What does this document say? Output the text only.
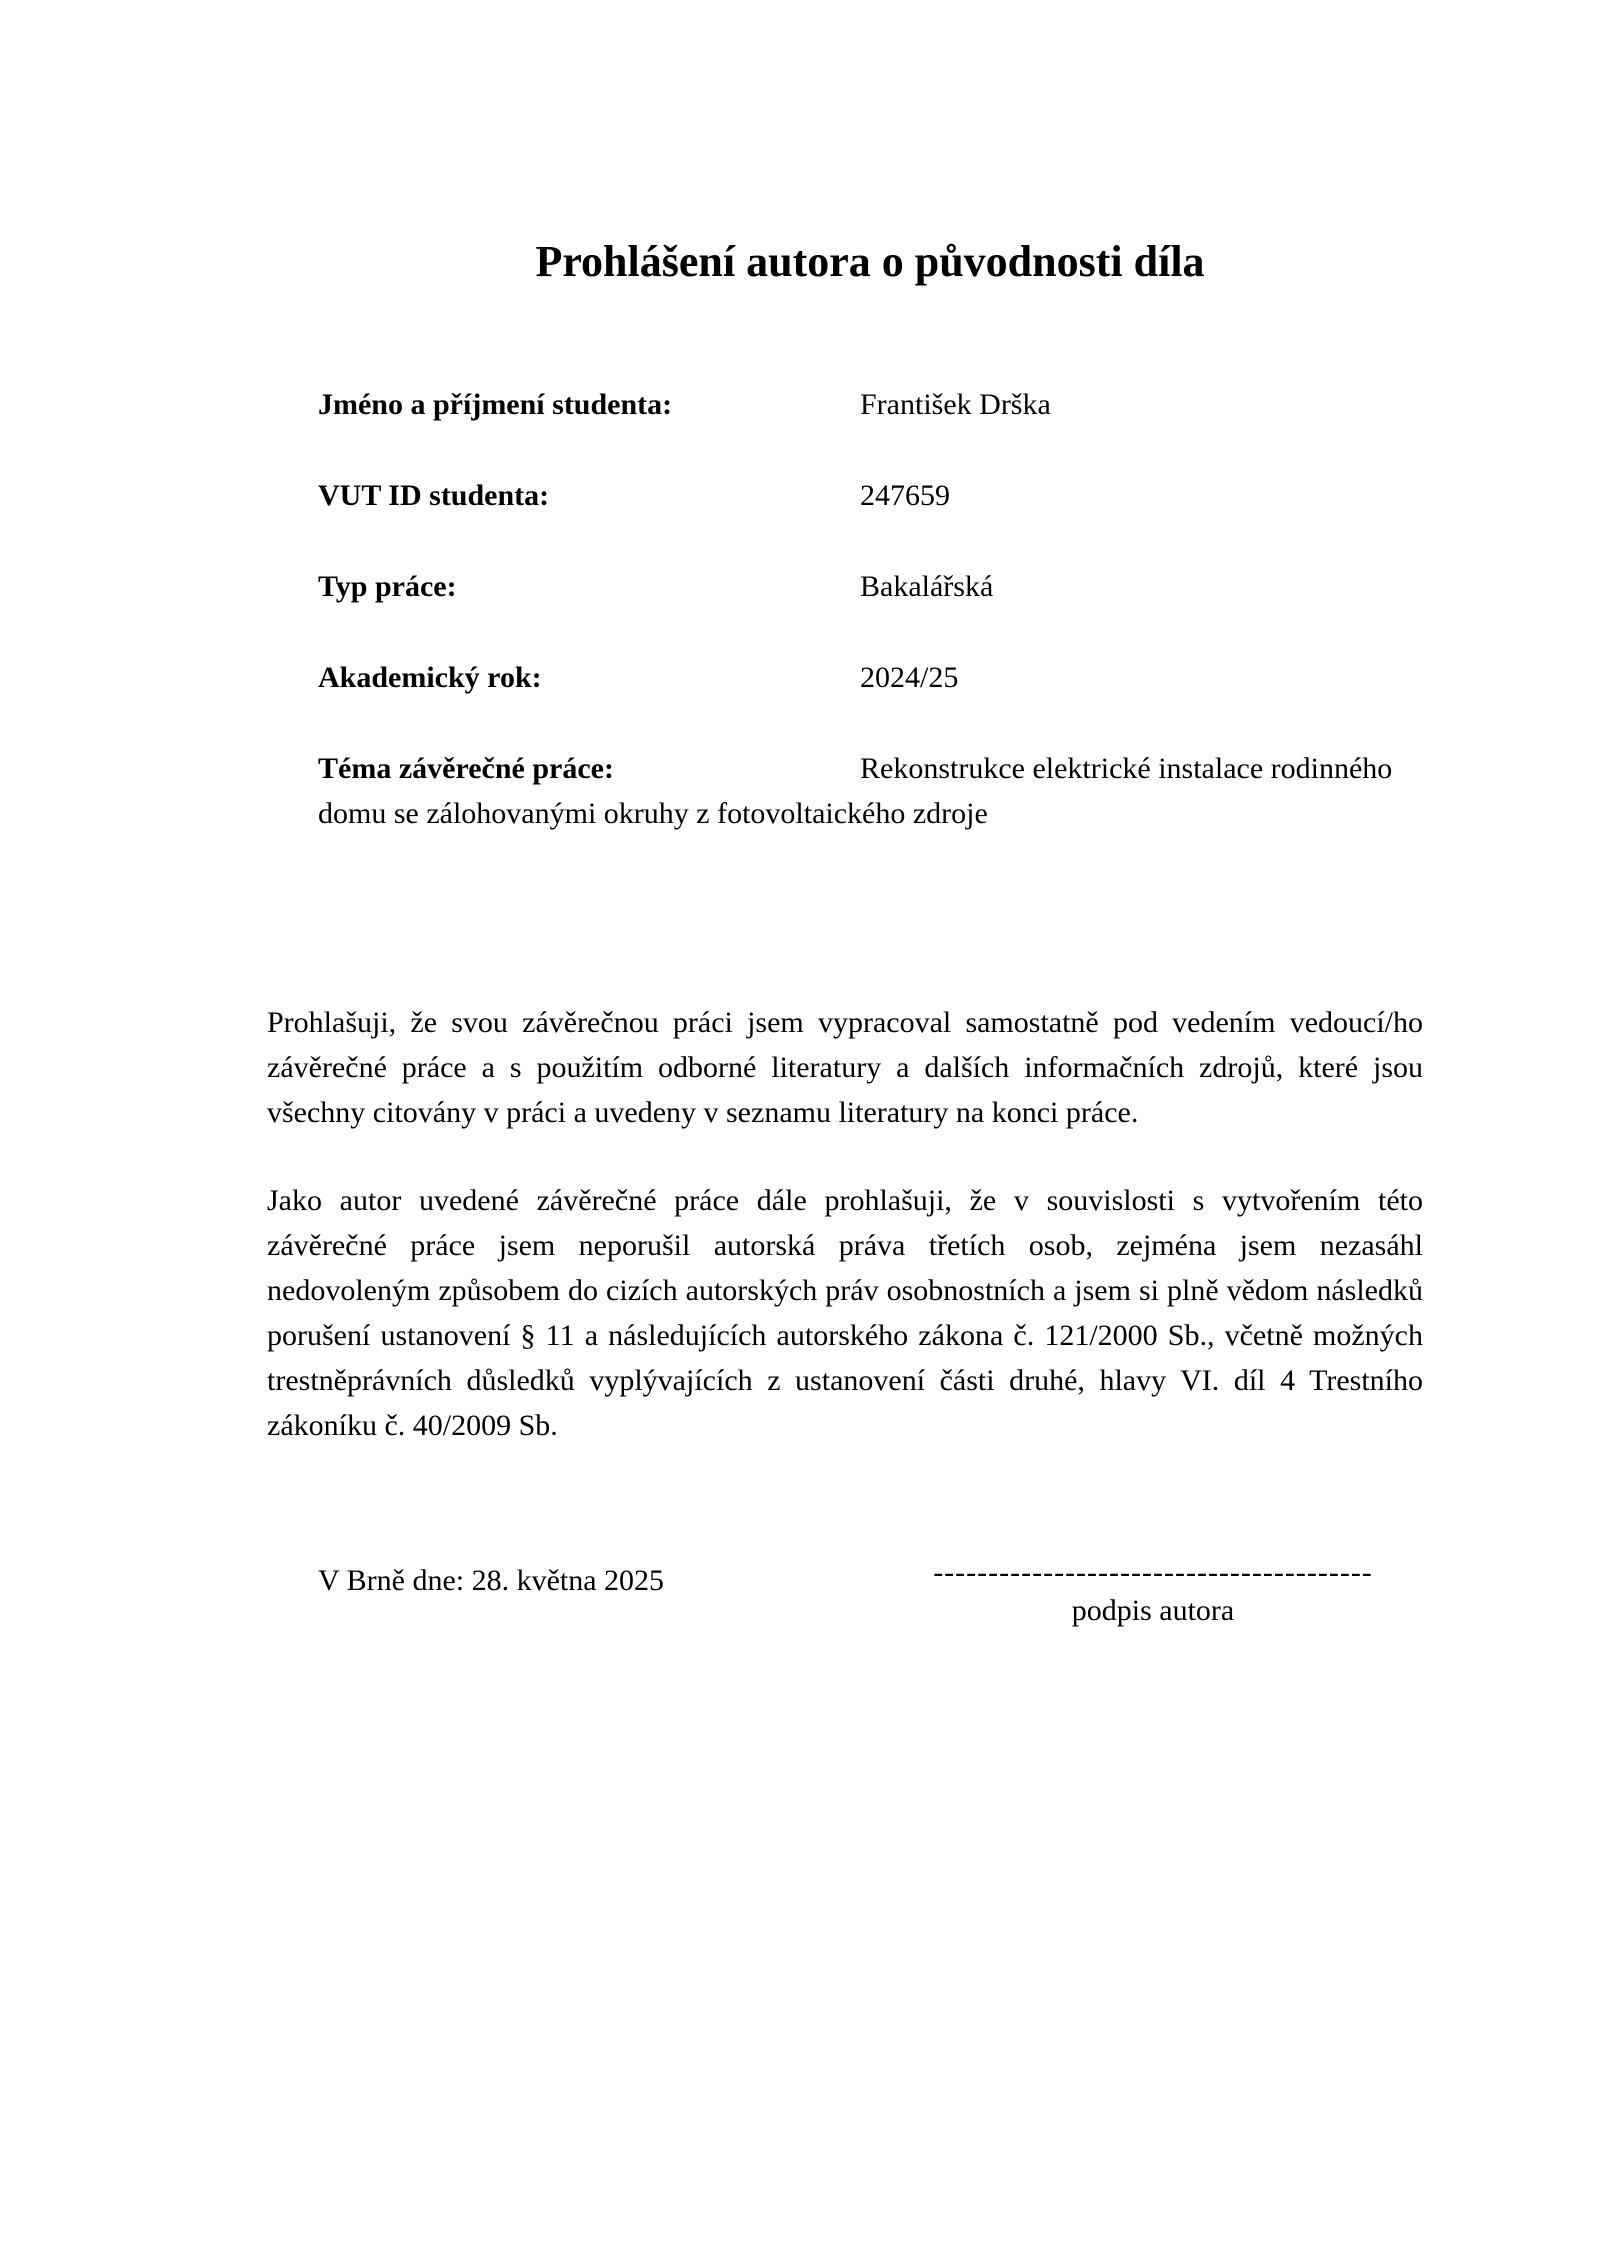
Prohlášení autora o původnosti díla
Jméno a příjmení studenta:	František Drška
VUT ID studenta:	247659
Typ práce:	Bakalářská
Akademický rok:	2024/25
Téma závěrečné práce:	Rekonstrukce elektrické instalace rodinného domu se zálohovanými okruhy z fotovoltaického zdroje

Prohlašuji, že svou závěrečnou práci jsem vypracoval samostatně pod vedením vedoucí/ho závěrečné práce a s použitím odborné literatury a dalších informačních zdrojů, které jsou všechny citovány v práci a uvedeny v seznamu literatury na konci práce.

Jako autor uvedené závěrečné práce dále prohlašuji, že v souvislosti s vytvořením této závěrečné práce jsem neporušil autorská práva třetích osob, zejména jsem nezasáhl nedovoleným způsobem do cizích autorských práv osobnostních a jsem si plně vědom následků porušení ustanovení § 11 a následujících autorského zákona č. 121/2000 Sb., včetně možných trestněprávních důsledků vyplývajících z ustanovení části druhé, hlavy VI. díl 4 Trestního zákoníku č. 40/2009 Sb.

V Brně dne: 28. května 2025	----------------------------------------
podpis autora
